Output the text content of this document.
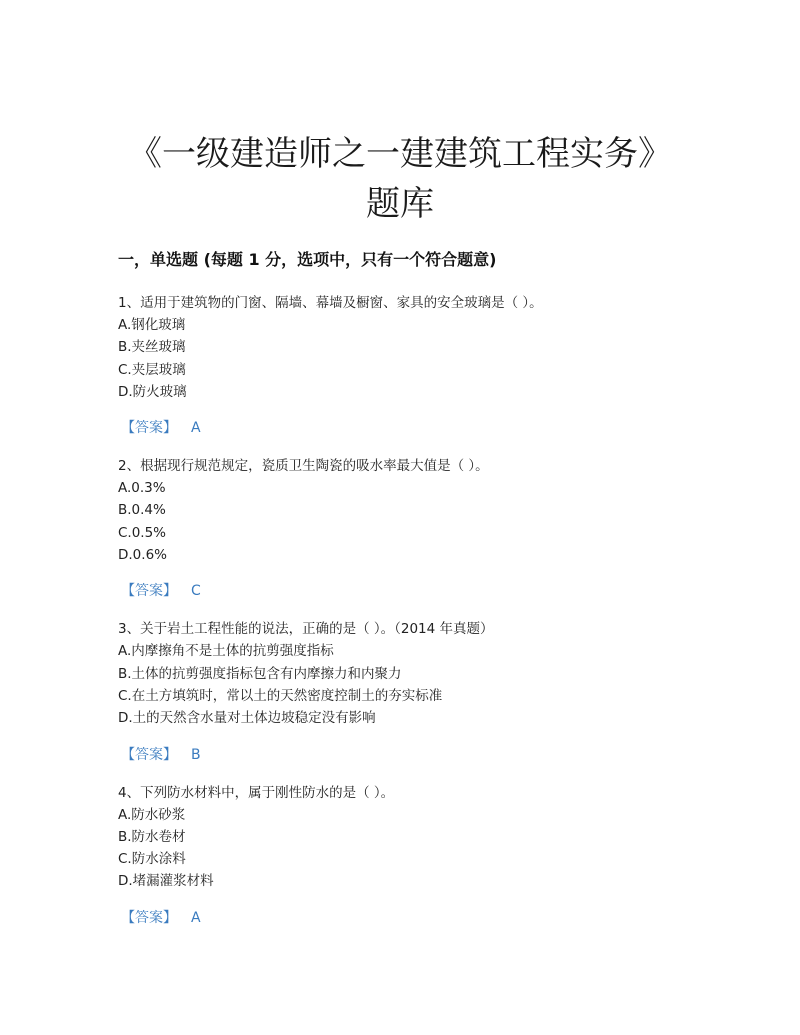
《一级建造师之一建建筑工程实务》
题库
一，单选题 (每题 1 分，选项中，只有一个符合题意)

1、适用于建筑物的门窗、隔墙、幕墙及橱窗、家具的安全玻璃是（ ）。

A.钢化玻璃

B.夹丝玻璃

C.夹层玻璃

D.防火玻璃

【答案】 A

2、根据现行规范规定，瓷质卫生陶瓷的吸水率最大值是（ ）。

A.0.3%

B.0.4%

C.0.5%

D.0.6%

【答案】 C

3、关于岩土工程性能的说法，正确的是（ ）。（2014 年真题）

A.内摩擦角不是土体的抗剪强度指标

B.土体的抗剪强度指标包含有内摩擦力和内聚力

C.在土方填筑时，常以土的天然密度控制土的夯实标准

D.土的天然含水量对土体边坡稳定没有影响

【答案】 B

4、下列防水材料中，属于刚性防水的是（ ）。

A.防水砂浆

B.防水卷材

C.防水涂料

D.堵漏灌浆材料

【答案】 A
